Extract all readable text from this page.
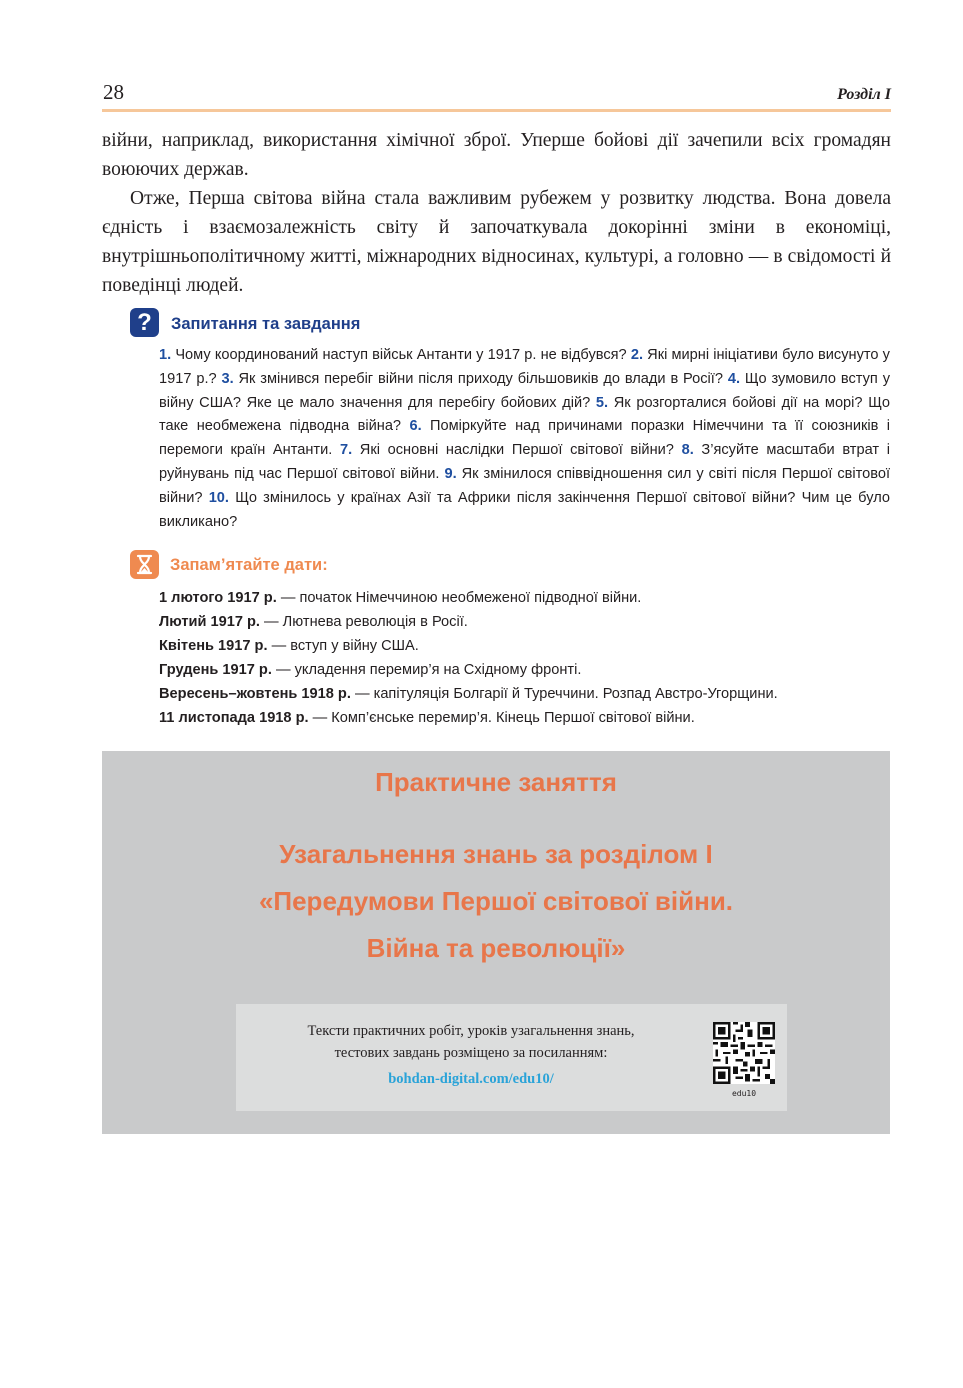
28	Розділ I

війни, наприклад, використання хімічної зброї. Уперше бойові дії зачепили всіх громадян воюючих держав.

Отже, Перша світова війна стала важливим рубежем у розвитку людства. Вона довела єдність і взаємозалежність світу й започаткувала докорінні зміни в економіці, внутрішньополітичному житті, міжнародних відносинах, культурі, а головно — в свідомості й поведінці людей.

?	Запитання та завдання
1. Чому координований наступ військ Антанти у 1917 р. не відбувся? 2. Які мирні ініціативи було висунуто у 1917 р.? 3. Як змінився перебіг війни після приходу більшовиків до влади в Росії? 4. Що зумовило вступ у війну США? Яке це мало значення для перебігу бойових дій? 5. Як розгорталися бойові дії на морі? Що таке необмежена підводна війна? 6. Поміркуйте над причинами поразки Німеччини та її союзників і перемоги країн Антанти. 7. Які основні наслідки Першої світової війни? 8. З’ясуйте масштаби втрат і руйнувань під час Першої світової війни. 9. Як змінилося співвідношення сил у світі після Першої світової війни? 10. Що змінилось у країнах Азії та Африки після закінчення Першої світової війни? Чим це було викликано?
Запам’ятайте дати:
1 лютого 1917 р. — початок Німеччиною необмеженої підводної війни.
Лютий 1917 р. — Лютнева революція в Росії.
Квітень 1917 р. — вступ у війну США.
Грудень 1917 р. — укладення перемир’я на Східному фронті.
Вересень–жовтень 1918 р. — капітуляція Болгарії й Туреччини. Розпад Австро-Угорщини.
11 листопада 1918 р. — Комп’єнське перемир’я. Кінець Першої світової війни.
Практичне заняття
Узагальнення знань за розділом I
«Передумови Першої світової війни.
Війна та революції»
Тексти практичних робіт, уроків узагальнення знань,
тестових завдань розміщено за посиланням:
bohdan-digital.com/edu10/
edu10
